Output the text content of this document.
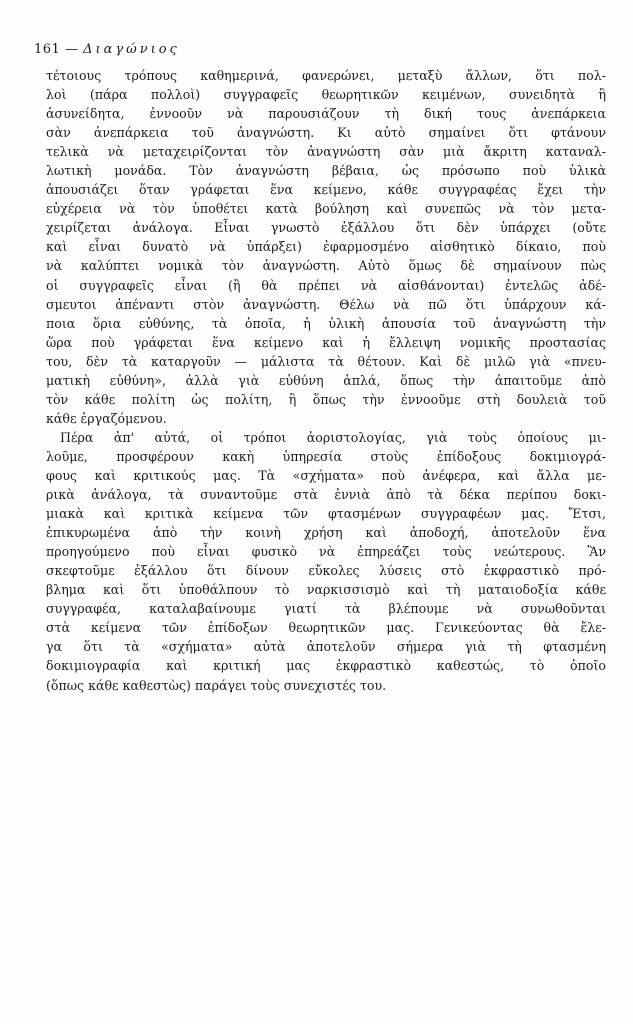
161 — Διαγώνιος
τέτοιους τρόπους καθημερινά, φανερώνει, μεταξὺ ἄλλων, ὅτι πολ-
λοὶ (πάρα πολλοὶ) συγγραφεῖς θεωρητικῶν κειμένων, συνειδητὰ ἢ
ἀσυνείδητα, ἐννοοῦν νὰ παρουσιάζουν τὴ δική τους ἀνεπάρκεια
σὰν ἀνεπάρκεια τοῦ ἀναγνώστη. Κι αὐτὸ σημαίνει ὅτι φτάνουν
τελικὰ νὰ μεταχειρίζονται τὸν ἀναγνώστη σὰν μιὰ ἄκριτη καταναλ-
λωτικὴ μονάδα. Τὸν ἀναγνώστη βέβαια, ὡς πρόσωπο ποὺ ὑλικὰ
ἀπουσιάζει ὅταν γράφεται ἕνα κείμενο, κάθε συγγραφέας ἔχει τὴν
εὐχέρεια νὰ τὸν ὑποθέτει κατὰ βούληση καὶ συνεπῶς νὰ τὸν μετα-
χειρίζεται ἀνάλογα. Εἶναι γνωστὸ ἐξάλλου ὅτι δὲν ὑπάρχει (οὔτε
καὶ εἶναι δυνατὸ νὰ ὑπάρξει) ἐφαρμοσμένο αἰσθητικὸ δίκαιο, ποὺ
νὰ καλύπτει νομικὰ τὸν ἀναγνώστη. Αὐτὸ ὅμως δὲ σημαίνουν πὼς
οἱ συγγραφεῖς εἶναι (ἢ θὰ πρέπει νὰ αἰσθάνονται) ἐντελῶς ἀδέ-
σμευτοι ἀπέναντι στὸν ἀναγνώστη. Θέλω νὰ πῶ ὅτι ὑπάρχουν κά-
ποια ὅρια εὐθύνης, τὰ ὁποῖα, ἡ ὑλικὴ ἀπουσία τοῦ ἀναγνώστη τὴν
ὥρα ποὺ γράφεται ἕνα κείμενο καὶ ἡ ἔλλειψη νομικῆς προστασίας
του, δὲν τὰ καταργοῦν — μάλιστα τὰ θέτουν. Καὶ δὲ μιλῶ γιὰ «πνευ-
ματικὴ εὐθύνη», ἀλλὰ γιὰ εὐθύνη ἁπλά, ὅπως τὴν ἀπαιτοῦμε ἀπὸ
τὸν κάθε πολίτη ὡς πολίτη, ἢ ὅπως τὴν ἐννοοῦμε στὴ δουλειὰ τοῦ
κάθε ἐργαζόμενου.
Πέρα ἀπ' αὐτά, οἱ τρόποι ἀοριστολογίας, γιὰ τοὺς ὁποίους μι-
λοῦμε, προσφέρουν κακὴ ὑπηρεσία στοὺς ἐπίδοξους δοκιμιογρά-
φους καὶ κριτικούς μας. Τὰ «σχήματα» ποὺ ἀνέφερα, καὶ ἄλλα με-
ρικὰ ἀνάλογα, τὰ συναντοῦμε στὰ ἐννιὰ ἀπὸ τὰ δέκα περίπου δοκι-
μιακὰ καὶ κριτικὰ κείμενα τῶν φτασμένων συγγραφέων μας. Ἔτσι,
ἐπικυρωμένα ἀπὸ τὴν κοινὴ χρήση καὶ ἀποδοχή, ἀποτελοῦν ἕνα
προηγούμενο ποὺ εἶναι φυσικὸ νὰ ἐπηρεάζει τοὺς νεώτερους. Ἂν
σκεφτοῦμε ἐξάλλου ὅτι δίνουν εὔκολες λύσεις στὸ ἐκφραστικὸ πρό-
βλημα καὶ ὅτι ὑποθάλπουν τὸ ναρκισσισμὸ καὶ τὴ ματαιοδοξία κάθε
συγγραφέα, καταλαβαίνουμε γιατί τὰ βλέπουμε νὰ συνωθοῦνται
στὰ κείμενα τῶν ἐπίδοξων θεωρητικῶν μας. Γενικεύοντας θὰ ἔλε-
γα ὅτι τὰ «σχήματα» αὐτὰ ἀποτελοῦν σήμερα γιὰ τὴ φτασμένη
δοκιμιογραφία καὶ κριτική μας ἐκφραστικὸ καθεστώς, τὸ ὁποῖο
(ὅπως κάθε καθεστὼς) παράγει τοὺς συνεχιστές του.
